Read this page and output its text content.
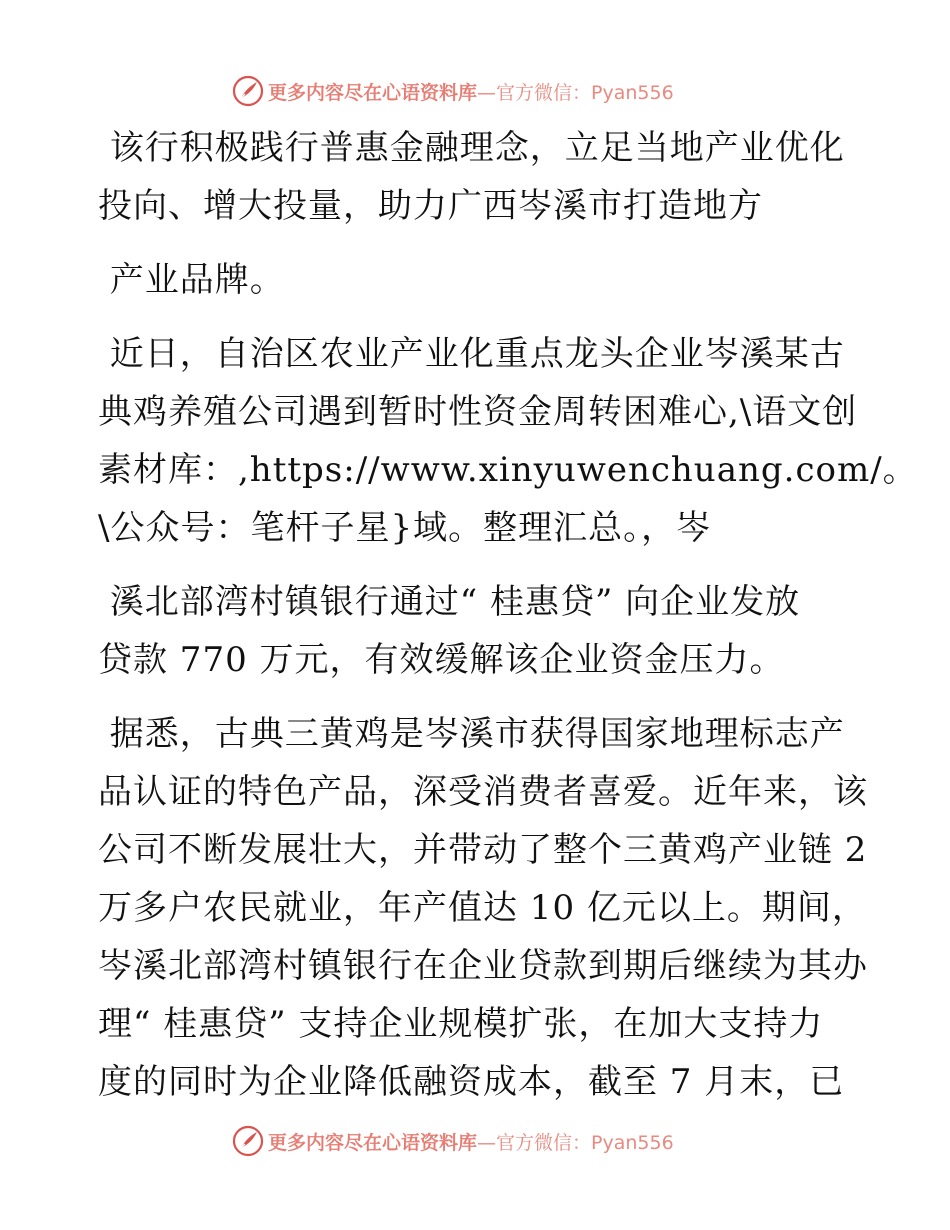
更多内容尽在心语资料库—官方微信：Pyan556
该行积极践行普惠金融理念，立足当地产业优化
投向、增大投量，助力广西岑溪市打造地方
产业品牌。
近日，自治区农业产业化重点龙头企业岑溪某古
典鸡养殖公司遇到暂时性资金周转困难心,\语文创
素材库：,https://www.xinyuwenchuang.com/。
\公众号：笔杆子星}域。整理汇总。，岑
溪北部湾村镇银行通过“ 桂惠贷” 向企业发放
贷款 770 万元，有效缓解该企业资金压力。
据悉，古典三黄鸡是岑溪市获得国家地理标志产
品认证的特色产品，深受消费者喜爱。近年来，该
公司不断发展壮大，并带动了整个三黄鸡产业链 2
万多户农民就业，年产值达 10 亿元以上。期间，
岑溪北部湾村镇银行在企业贷款到期后继续为其办
理“ 桂惠贷” 支持企业规模扩张，在加大支持力
度的同时为企业降低融资成本，截至 7 月末，已
更多内容尽在心语资料库—官方微信：Pyan556
